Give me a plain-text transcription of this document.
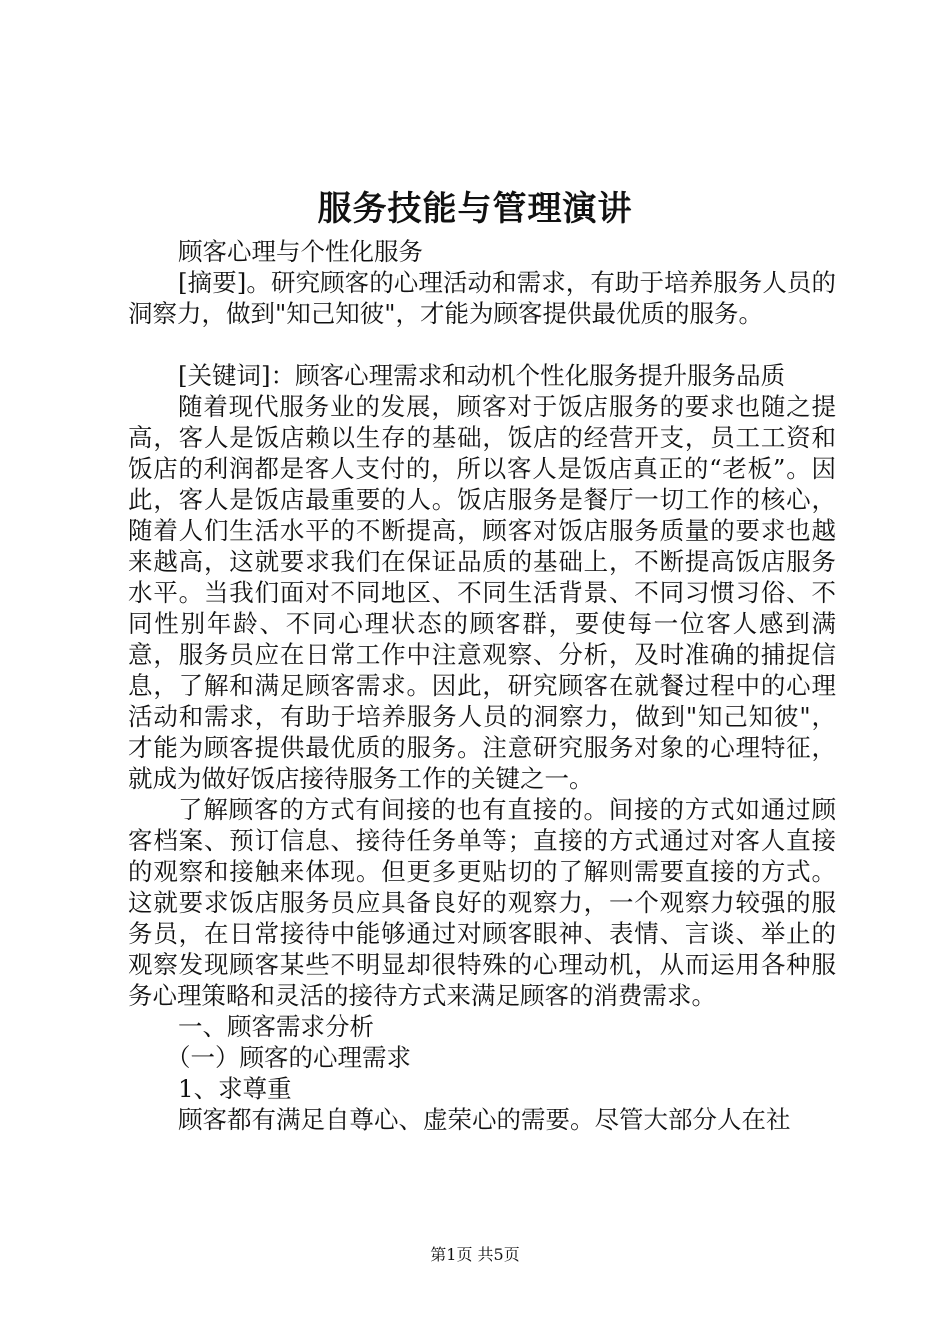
服务技能与管理演讲

顾客心理与个性化服务

[摘要]。研究顾客的心理活动和需求，有助于培养服务人员的洞察力，做到"知己知彼"，才能为顾客提供最优质的服务。

[关键词]：顾客心理需求和动机个性化服务提升服务品质

随着现代服务业的发展，顾客对于饭店服务的要求也随之提高，客人是饭店赖以生存的基础，饭店的经营开支，员工工资和饭店的利润都是客人支付的，所以客人是饭店真正的“老板”。因此，客人是饭店最重要的人。饭店服务是餐厅一切工作的核心，随着人们生活水平的不断提高，顾客对饭店服务质量的要求也越来越高，这就要求我们在保证品质的基础上，不断提高饭店服务水平。当我们面对不同地区、不同生活背景、不同习惯习俗、不同性别年龄、不同心理状态的顾客群，要使每一位客人感到满意，服务员应在日常工作中注意观察、分析，及时准确的捕捉信息，了解和满足顾客需求。因此，研究顾客在就餐过程中的心理活动和需求，有助于培养服务人员的洞察力，做到"知己知彼"，才能为顾客提供最优质的服务。注意研究服务对象的心理特征，就成为做好饭店接待服务工作的关键之一。

了解顾客的方式有间接的也有直接的。间接的方式如通过顾客档案、预订信息、接待任务单等；直接的方式通过对客人直接的观察和接触来体现。但更多更贴切的了解则需要直接的方式。这就要求饭店服务员应具备良好的观察力，一个观察力较强的服务员，在日常接待中能够通过对顾客眼神、表情、言谈、举止的观察发现顾客某些不明显却很特殊的心理动机，从而运用各种服务心理策略和灵活的接待方式来满足顾客的消费需求。

一、顾客需求分析

（一）顾客的心理需求

1、求尊重

顾客都有满足自尊心、虚荣心的需要。尽管大部分人在社

第1页 共5页
